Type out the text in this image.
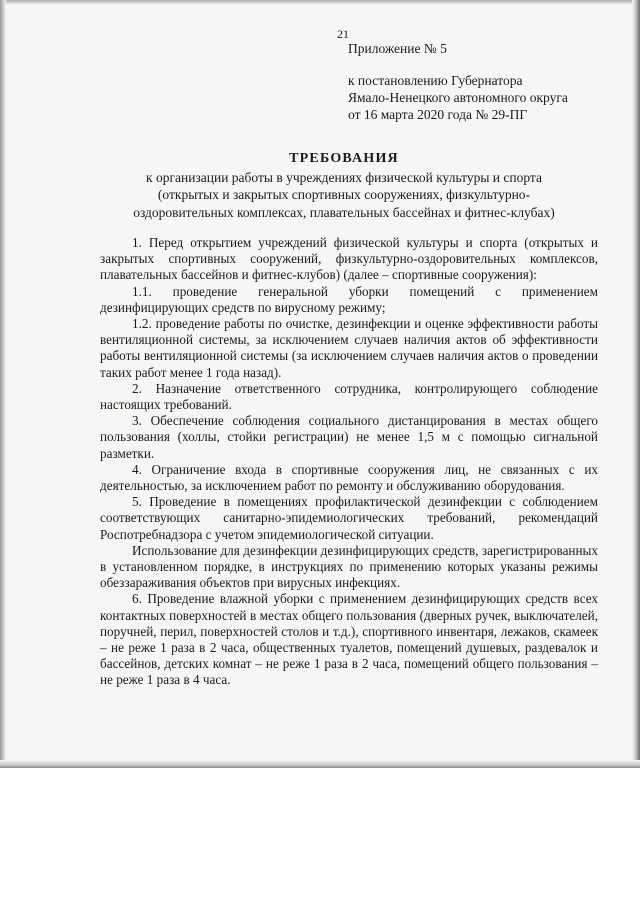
21
Приложение № 5
к постановлению Губернатора
Ямало-Ненецкого автономного округа
от 16 марта 2020 года № 29-ПГ
ТРЕБОВАНИЯ
к организации работы в учреждениях физической культуры и спорта
(открытых и закрытых спортивных сооружениях, физкультурно-
оздоровительных комплексах, плавательных бассейнах и фитнес-клубах)

1. Перед открытием учреждений физической культуры и спорта (открытых и закрытых спортивных сооружений, физкультурно-оздоровительных комплексов, плавательных бассейнов и фитнес-клубов) (далее – спортивные сооружения):

1.1. проведение генеральной уборки помещений с применением дезинфицирующих средств по вирусному режиму;

1.2. проведение работы по очистке, дезинфекции и оценке эффективности работы вентиляционной системы, за исключением случаев наличия актов об эффективности работы вентиляционной системы (за исключением случаев наличия актов о проведении таких работ менее 1 года назад).

2. Назначение ответственного сотрудника, контролирующего соблюдение настоящих требований.

3. Обеспечение соблюдения социального дистанцирования в местах общего пользования (холлы, стойки регистрации) не менее 1,5 м с помощью сигнальной разметки.

4. Ограничение входа в спортивные сооружения лиц, не связанных с их деятельностью, за исключением работ по ремонту и обслуживанию оборудования.

5. Проведение в помещениях профилактической дезинфекции с соблюдением соответствующих санитарно-эпидемиологических требований, рекомендаций Роспотребнадзора с учетом эпидемиологической ситуации.

Использование для дезинфекции дезинфицирующих средств, зарегистрированных в установленном порядке, в инструкциях по применению которых указаны режимы обеззараживания объектов при вирусных инфекциях.

6. Проведение влажной уборки с применением дезинфицирующих средств всех контактных поверхностей в местах общего пользования (дверных ручек, выключателей, поручней, перил, поверхностей столов и т.д.), спортивного инвентаря, лежаков, скамеек – не реже 1 раза в 2 часа, общественных туалетов, помещений душевых, раздевалок и бассейнов, детских комнат – не реже 1 раза в 2 часа, помещений общего пользования – не реже 1 раза в 4 часа.
